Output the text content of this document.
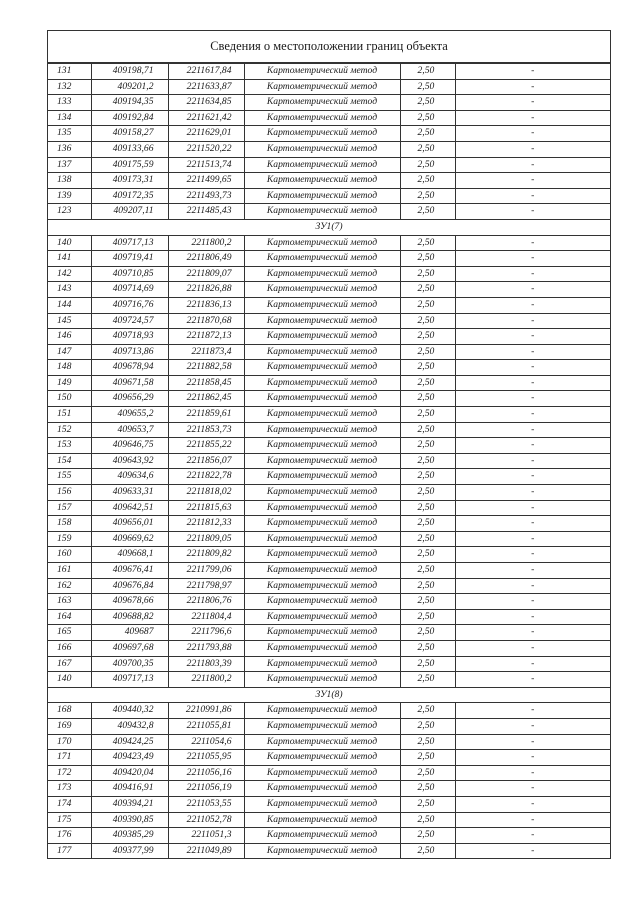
Сведения о местоположении границ объекта
131	409198,71	2211617,84	Картометрический метод	2,50	-
132	409201,2	2211633,87	Картометрический метод	2,50	-
133	409194,35	2211634,85	Картометрический метод	2,50	-
134	409192,84	2211621,42	Картометрический метод	2,50	-
135	409158,27	2211629,01	Картометрический метод	2,50	-
136	409133,66	2211520,22	Картометрический метод	2,50	-
137	409175,59	2211513,74	Картометрический метод	2,50	-
138	409173,31	2211499,65	Картометрический метод	2,50	-
139	409172,35	2211493,73	Картометрический метод	2,50	-
123	409207,11	2211485,43	Картометрический метод	2,50	-
ЗУ1(7)					
140	409717,13	2211800,2	Картометрический метод	2,50	-
141	409719,41	2211806,49	Картометрический метод	2,50	-
142	409710,85	2211809,07	Картометрический метод	2,50	-
143	409714,69	2211826,88	Картометрический метод	2,50	-
144	409716,76	2211836,13	Картометрический метод	2,50	-
145	409724,57	2211870,68	Картометрический метод	2,50	-
146	409718,93	2211872,13	Картометрический метод	2,50	-
147	409713,86	2211873,4	Картометрический метод	2,50	-
148	409678,94	2211882,58	Картометрический метод	2,50	-
149	409671,58	2211858,45	Картометрический метод	2,50	-
150	409656,29	2211862,45	Картометрический метод	2,50	-
151	409655,2	2211859,61	Картометрический метод	2,50	-
152	409653,7	2211853,73	Картометрический метод	2,50	-
153	409646,75	2211855,22	Картометрический метод	2,50	-
154	409643,92	2211856,07	Картометрический метод	2,50	-
155	409634,6	2211822,78	Картометрический метод	2,50	-
156	409633,31	2211818,02	Картометрический метод	2,50	-
157	409642,51	2211815,63	Картометрический метод	2,50	-
158	409656,01	2211812,33	Картометрический метод	2,50	-
159	409669,62	2211809,05	Картометрический метод	2,50	-
160	409668,1	2211809,82	Картометрический метод	2,50	-
161	409676,41	2211799,06	Картометрический метод	2,50	-
162	409676,84	2211798,97	Картометрический метод	2,50	-
163	409678,66	2211806,76	Картометрический метод	2,50	-
164	409688,82	2211804,4	Картометрический метод	2,50	-
165	409687	2211796,6	Картометрический метод	2,50	-
166	409697,68	2211793,88	Картометрический метод	2,50	-
167	409700,35	2211803,39	Картометрический метод	2,50	-
140	409717,13	2211800,2	Картометрический метод	2,50	-
ЗУ1(8)					
168	409440,32	2210991,86	Картометрический метод	2,50	-
169	409432,8	2211055,81	Картометрический метод	2,50	-
170	409424,25	2211054,6	Картометрический метод	2,50	-
171	409423,49	2211055,95	Картометрический метод	2,50	-
172	409420,04	2211056,16	Картометрический метод	2,50	-
173	409416,91	2211056,19	Картометрический метод	2,50	-
174	409394,21	2211053,55	Картометрический метод	2,50	-
175	409390,85	2211052,78	Картометрический метод	2,50	-
176	409385,29	2211051,3	Картометрический метод	2,50	-
177	409377,99	2211049,89	Картометрический метод	2,50	-
